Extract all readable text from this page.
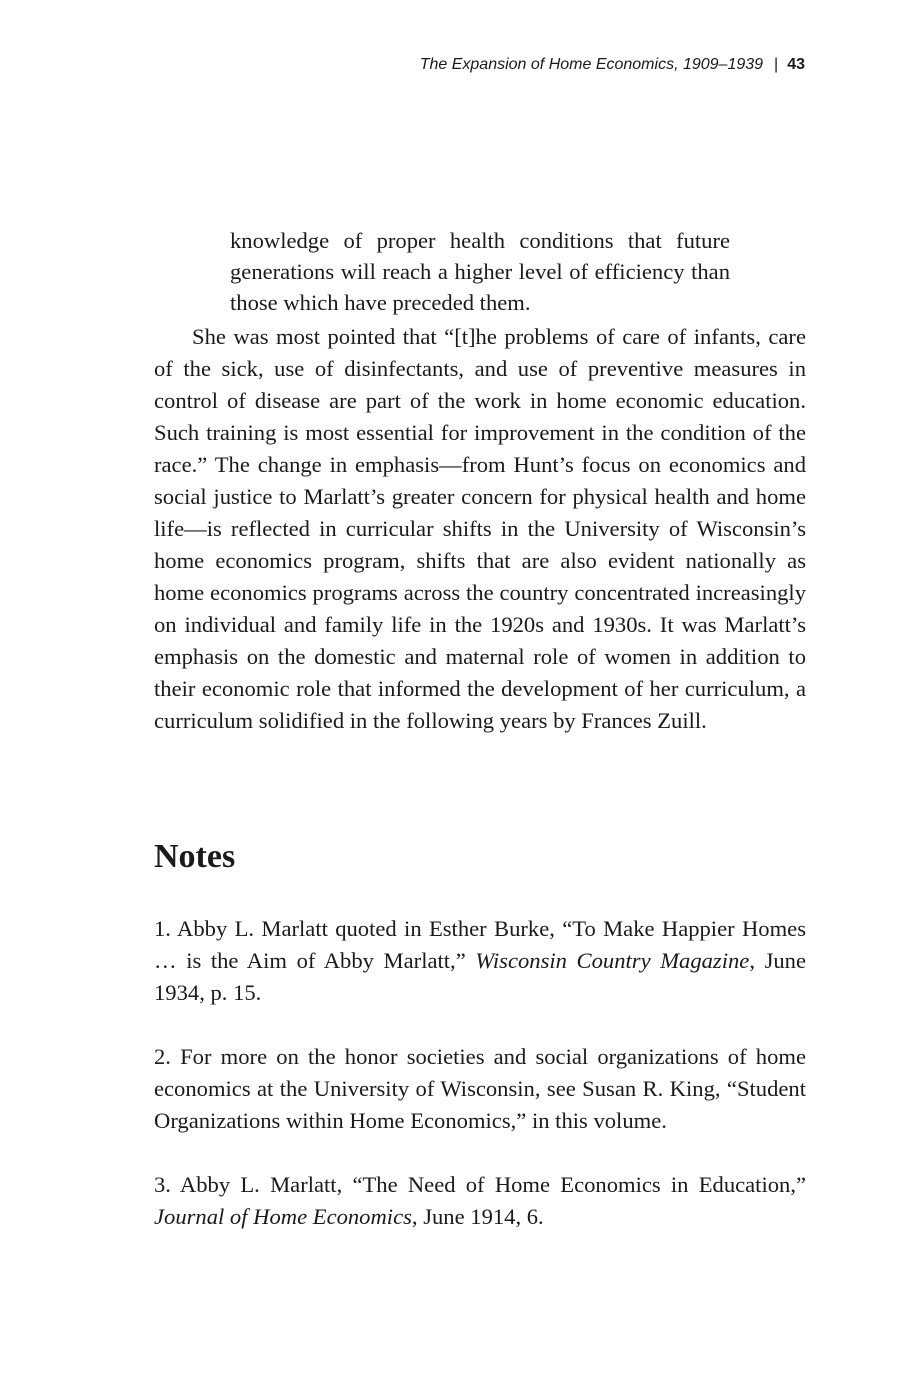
The Expansion of Home Economics, 1909–1939 | 43
knowledge of proper health conditions that future generations will reach a higher level of efficiency than those which have preceded them.
She was most pointed that “[t]he problems of care of infants, care of the sick, use of disinfectants, and use of preventive measures in control of disease are part of the work in home economic education. Such training is most essential for improvement in the condition of the race.” The change in emphasis—from Hunt’s focus on economics and social justice to Marlatt’s greater concern for physical health and home life—is reflected in curricular shifts in the University of Wisconsin’s home economics program, shifts that are also evident nationally as home economics programs across the country concentrated increasingly on individual and family life in the 1920s and 1930s. It was Marlatt’s emphasis on the domestic and maternal role of women in addition to their economic role that informed the development of her curriculum, a curriculum solidified in the following years by Frances Zuill.
Notes

1. Abby L. Marlatt quoted in Esther Burke, “To Make Happier Homes … is the Aim of Abby Marlatt,” Wisconsin Country Magazine, June 1934, p. 15.

2. For more on the honor societies and social organizations of home economics at the University of Wisconsin, see Susan R. King, “Student Organizations within Home Economics,” in this volume.

3. Abby L. Marlatt, “The Need of Home Economics in Education,” Journal of Home Economics, June 1914, 6.
